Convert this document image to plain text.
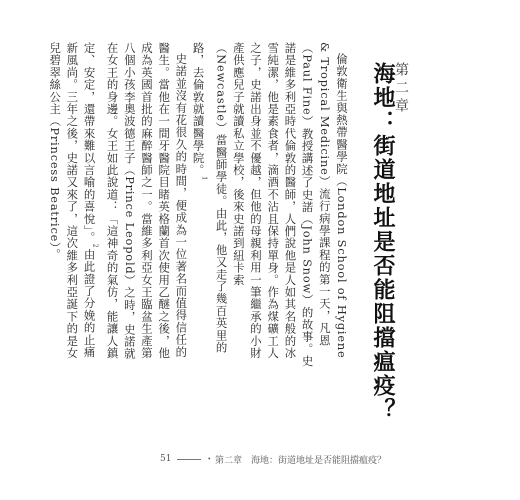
第二章
海地：街道地址是否能阻擋瘟疫？

倫敦衛生與熱帶醫學院（London School of Hygiene & Tropical Medicine）流行病學課程的第一天，凡恩（Paul Fine）教授講述了史諾（John Snow）的故事。史諾是維多利亞時代倫敦的醫師，人們說他是人如其名般的冰雪純潔，他是素食者，滴酒不沾且保持單身。作為煤礦工人之子，史諾出身並不優越，但他的母親利用一筆繼承的小財產供應兒子就讀私立學校，後來史諾到紐卡索（Newcastle）當醫師學徒。由此，他又走了幾百英里的路，去倫敦就讀醫學院。$^1$

史諾並沒有花很久的時間，便成為一位著名而值得信任的醫生。當他在一間牙醫院目睹英格蘭首次使用乙醚之後，他成為英國首批的麻醉醫師之一。當維多利亞女王臨盆生產第八個小孩李奧波德王子（Prince Leopold）之時，史諾就在女王的身邊。女王如此說道：「這神奇的氣仿，能讓人鎮定、安定，還帶來難以言喻的喜悅」。$^2$由此證了分娩的止痛新風尚。三年之後，史諾又來了，這次維多利亞誕下的是女兒碧翠絲公主（Princess Beatrice）。

51	• 第二章　海地：街道地址是否能阻擋瘟疫？
